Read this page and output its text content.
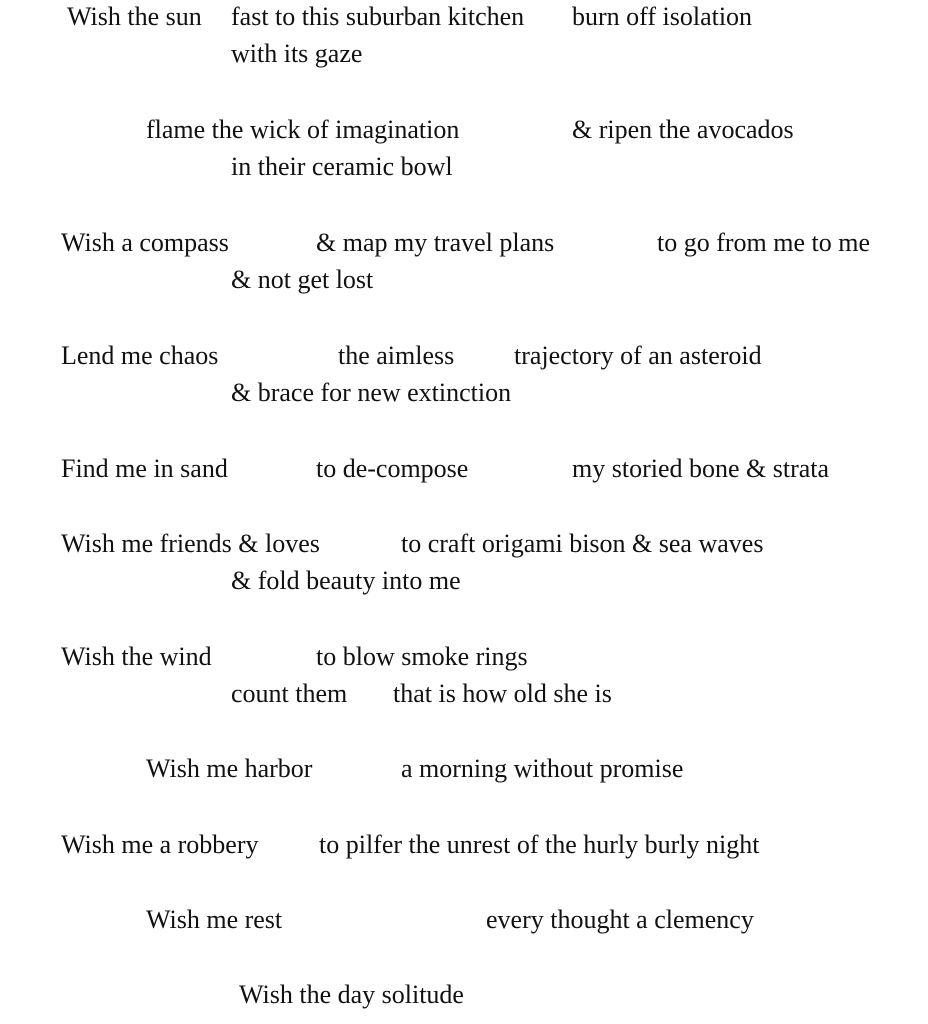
Wish the sun fast to this suburban kitchen burn off isolation
with its gaze
flame the wick of imagination	& ripen the avocados
in their ceramic bowl
Wish a compass	& map my travel plans	to go from me to me
& not get lost
Lend me chaos	the aimless trajectory of an asteroid
& brace for new extinction
Find me in sand	to de-compose	my storied bone & strata
Wish me friends & loves	to craft origami bison & sea waves
& fold beauty into me
Wish the wind	to blow smoke rings
count them that is how old she is
Wish me harbor	a morning without promise
Wish me a robbery to pilfer the unrest of the hurly burly night
Wish me rest	every thought a clemency
Wish the day solitude
